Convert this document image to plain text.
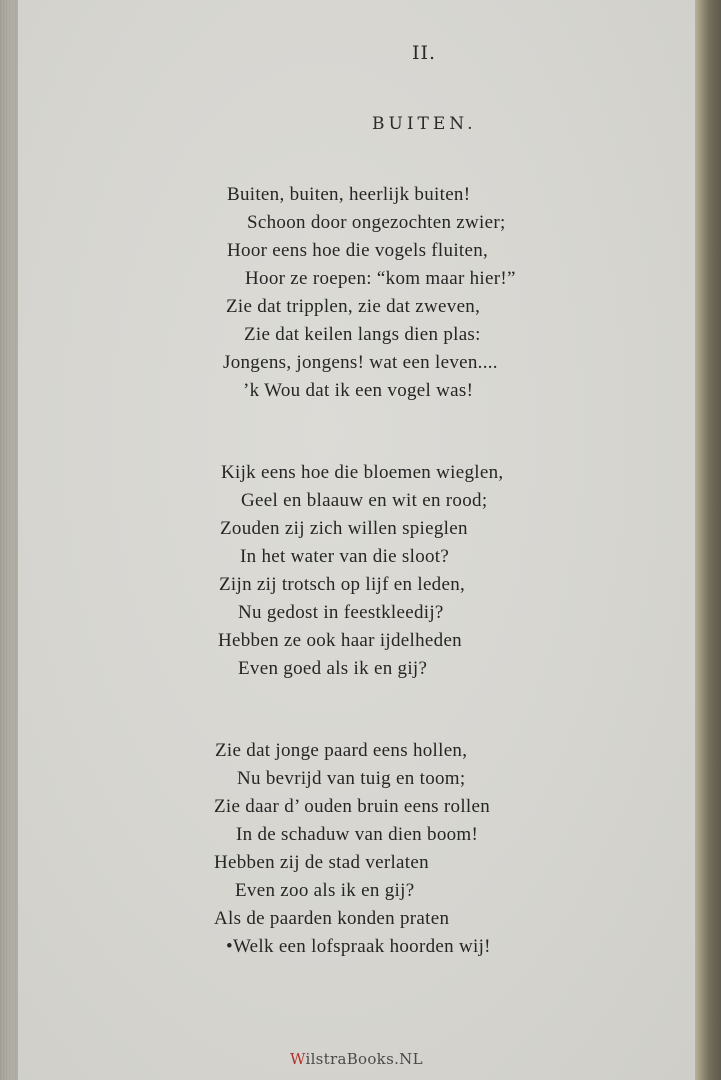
II.
BUITEN.
Buiten, buiten, heerlijk buiten!
Schoon door ongezochten zwier;
Hoor eens hoe die vogels fluiten,
Hoor ze roepen: “kom maar hier!”
Zie dat tripplen, zie dat zweven,
Zie dat keilen langs dien plas:
Jongens, jongens! wat een leven....
’k Wou dat ik een vogel was!
Kijk eens hoe die bloemen wieglen,
Geel en blaauw en wit en rood;
Zouden zij zich willen spieglen
In het water van die sloot?
Zijn zij trotsch op lijf en leden,
Nu gedost in feestkleedij?
Hebben ze ook haar ijdelheden
Even goed als ik en gij?
Zie dat jonge paard eens hollen,
Nu bevrijd van tuig en toom;
Zie daar d’ ouden bruin eens rollen
In de schaduw van dien boom!
Hebben zij de stad verlaten
Even zoo als ik en gij?
Als de paarden konden praten
•Welk een lofspraak hoorden wij!
WilstraBooks.NL
